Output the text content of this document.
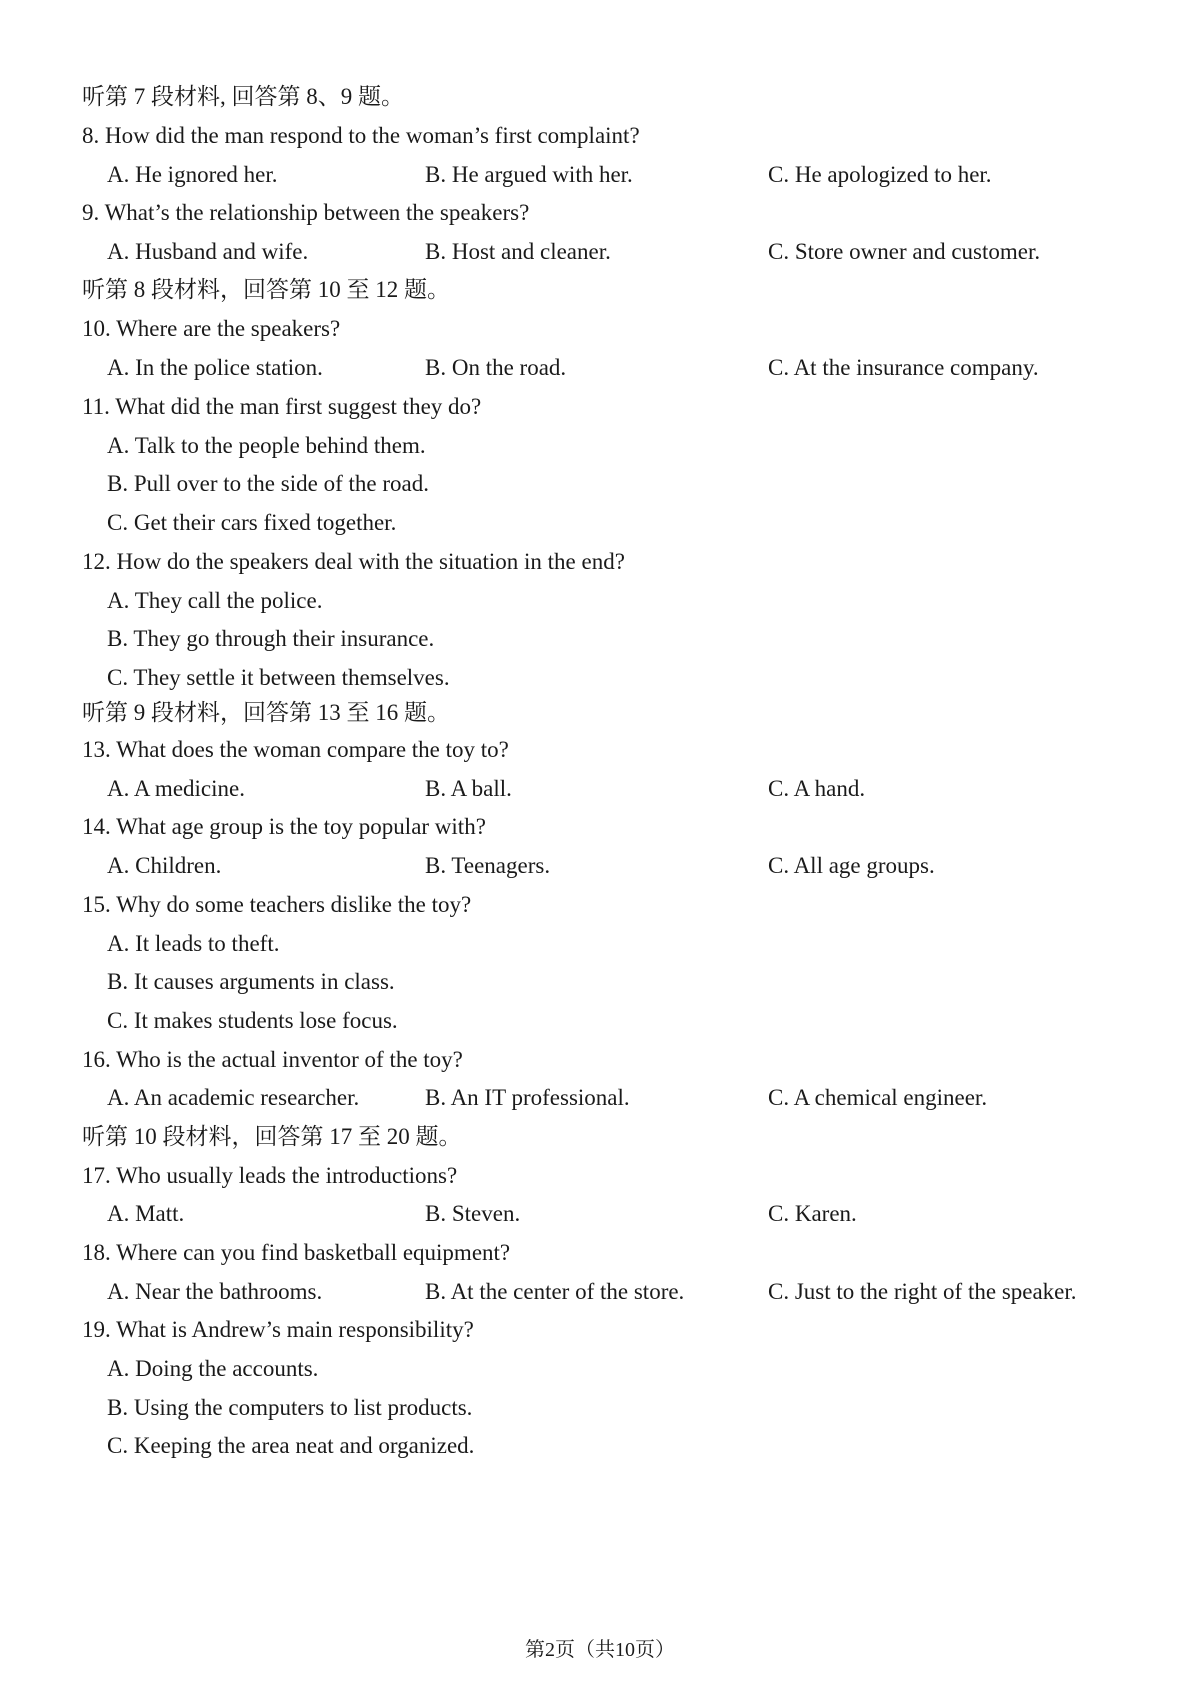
听第 7 段材料, 回答第 8、9 题。
8. How did the man respond to the woman’s first complaint?
A. He ignored her.	B. He argued with her.	C. He apologized to her.
9. What’s the relationship between the speakers?
A. Husband and wife.	B. Host and cleaner.	C. Store owner and customer.
听第 8 段材料，回答第 10 至 12 题。
10. Where are the speakers?
A. In the police station.	B. On the road.	C. At the insurance company.
11. What did the man first suggest they do?
A. Talk to the people behind them.
B. Pull over to the side of the road.
C. Get their cars fixed together.
12. How do the speakers deal with the situation in the end?
A. They call the police.
B. They go through their insurance.
C. They settle it between themselves.
听第 9 段材料，回答第 13 至 16 题。
13. What does the woman compare the toy to?
A. A medicine.	B. A ball.	C. A hand.
14. What age group is the toy popular with?
A. Children.	B. Teenagers.	C. All age groups.
15. Why do some teachers dislike the toy?
A. It leads to theft.
B. It causes arguments in class.
C. It makes students lose focus.
16. Who is the actual inventor of the toy?
A. An academic researcher.	B. An IT professional.	C. A chemical engineer.
听第 10 段材料，回答第 17 至 20 题。
17. Who usually leads the introductions?
A. Matt.	B. Steven.	C. Karen.
18. Where can you find basketball equipment?
A. Near the bathrooms.	B. At the center of the store.	C. Just to the right of the speaker.
19. What is Andrew’s main responsibility?
A. Doing the accounts.
B. Using the computers to list products.
C. Keeping the area neat and organized.
第2页（共10页）
